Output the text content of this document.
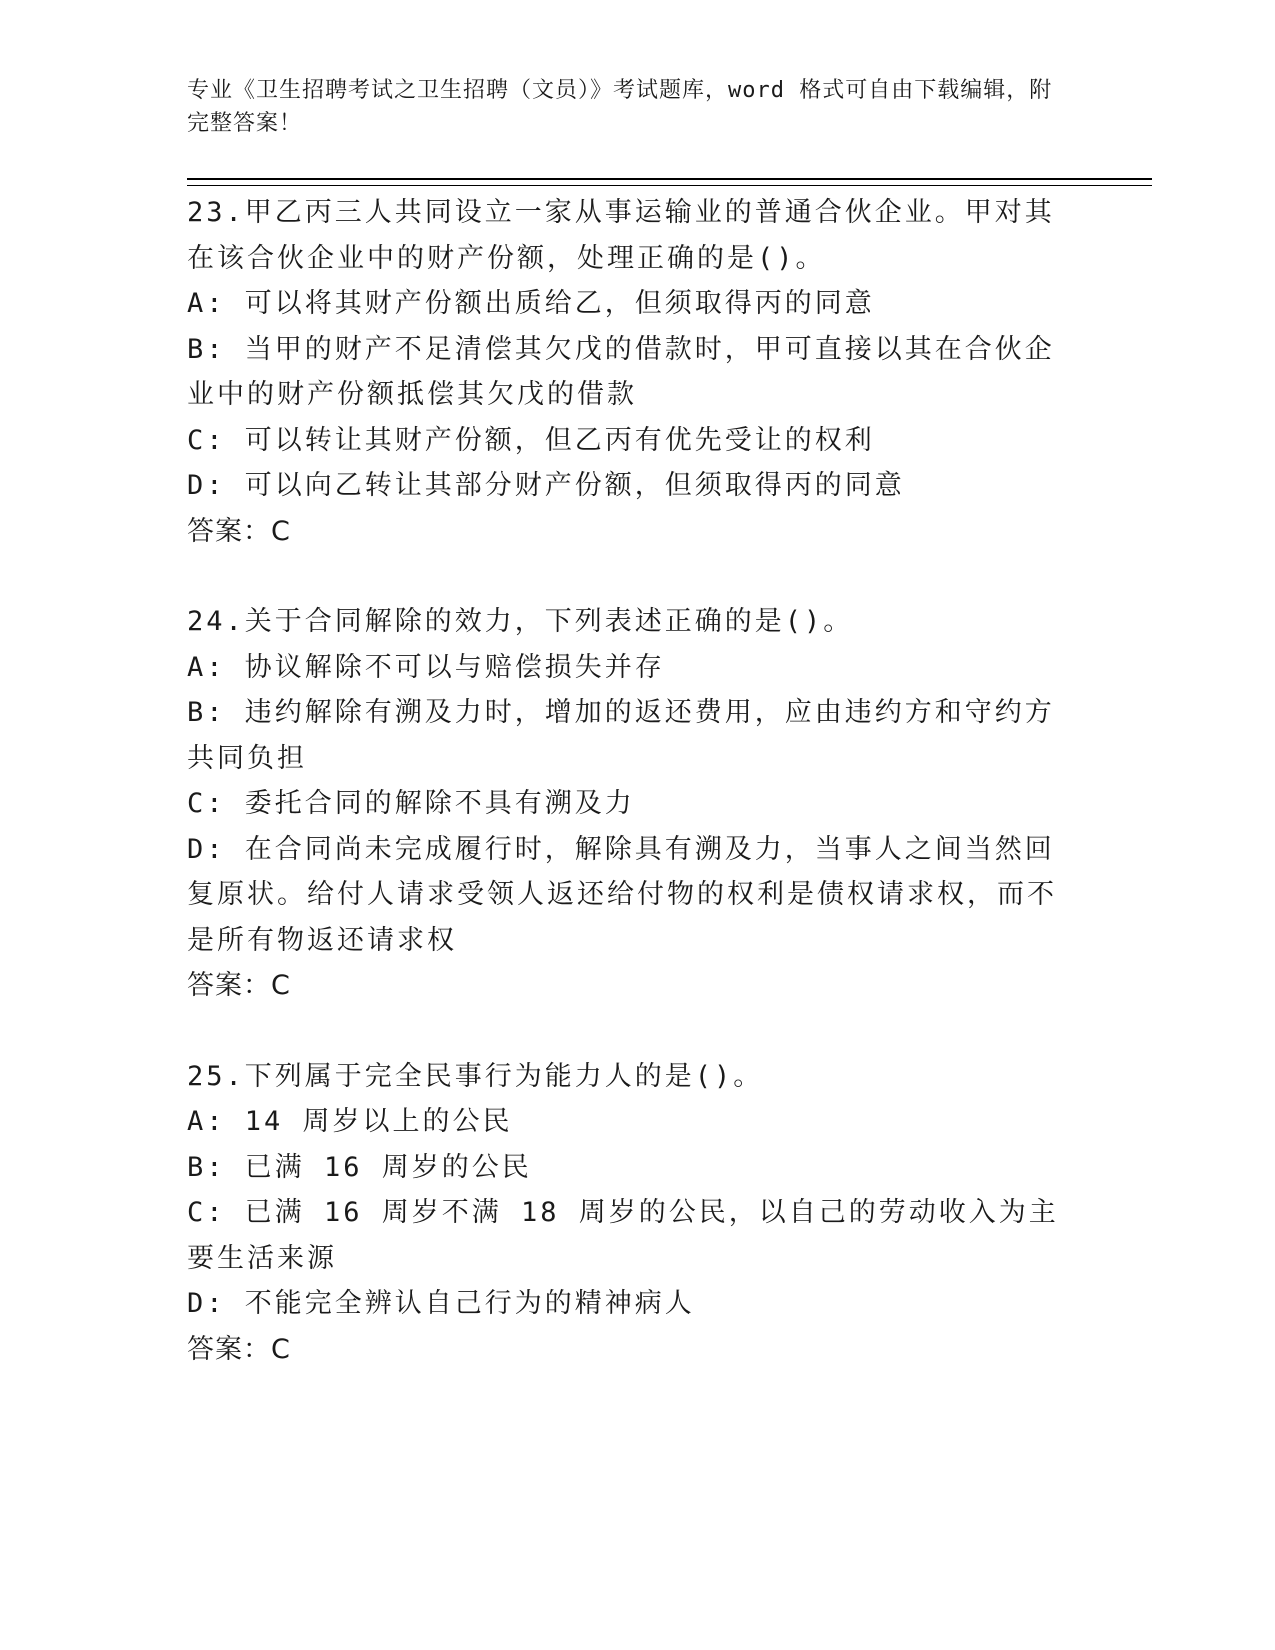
专业《卫生招聘考试之卫生招聘（文员）》考试题库，word 格式可自由下载编辑，附完整答案！

23.甲乙丙三人共同设立一家从事运输业的普通合伙企业。甲对其在该合伙企业中的财产份额，处理正确的是()。

A: 可以将其财产份额出质给乙，但须取得丙的同意

B: 当甲的财产不足清偿其欠戊的借款时，甲可直接以其在合伙企业中的财产份额抵偿其欠戊的借款

C: 可以转让其财产份额，但乙丙有优先受让的权利

D: 可以向乙转让其部分财产份额，但须取得丙的同意

答案：C

24.关于合同解除的效力，下列表述正确的是()。

A: 协议解除不可以与赔偿损失并存

B: 违约解除有溯及力时，增加的返还费用，应由违约方和守约方共同负担

C: 委托合同的解除不具有溯及力

D: 在合同尚未完成履行时，解除具有溯及力，当事人之间当然回复原状。给付人请求受领人返还给付物的权利是债权请求权，而不是所有物返还请求权

答案：C

25.下列属于完全民事行为能力人的是()。

A: 14 周岁以上的公民

B: 已满 16 周岁的公民

C: 已满 16 周岁不满 18 周岁的公民，以自己的劳动收入为主要生活来源

D: 不能完全辨认自己行为的精神病人

答案：C
